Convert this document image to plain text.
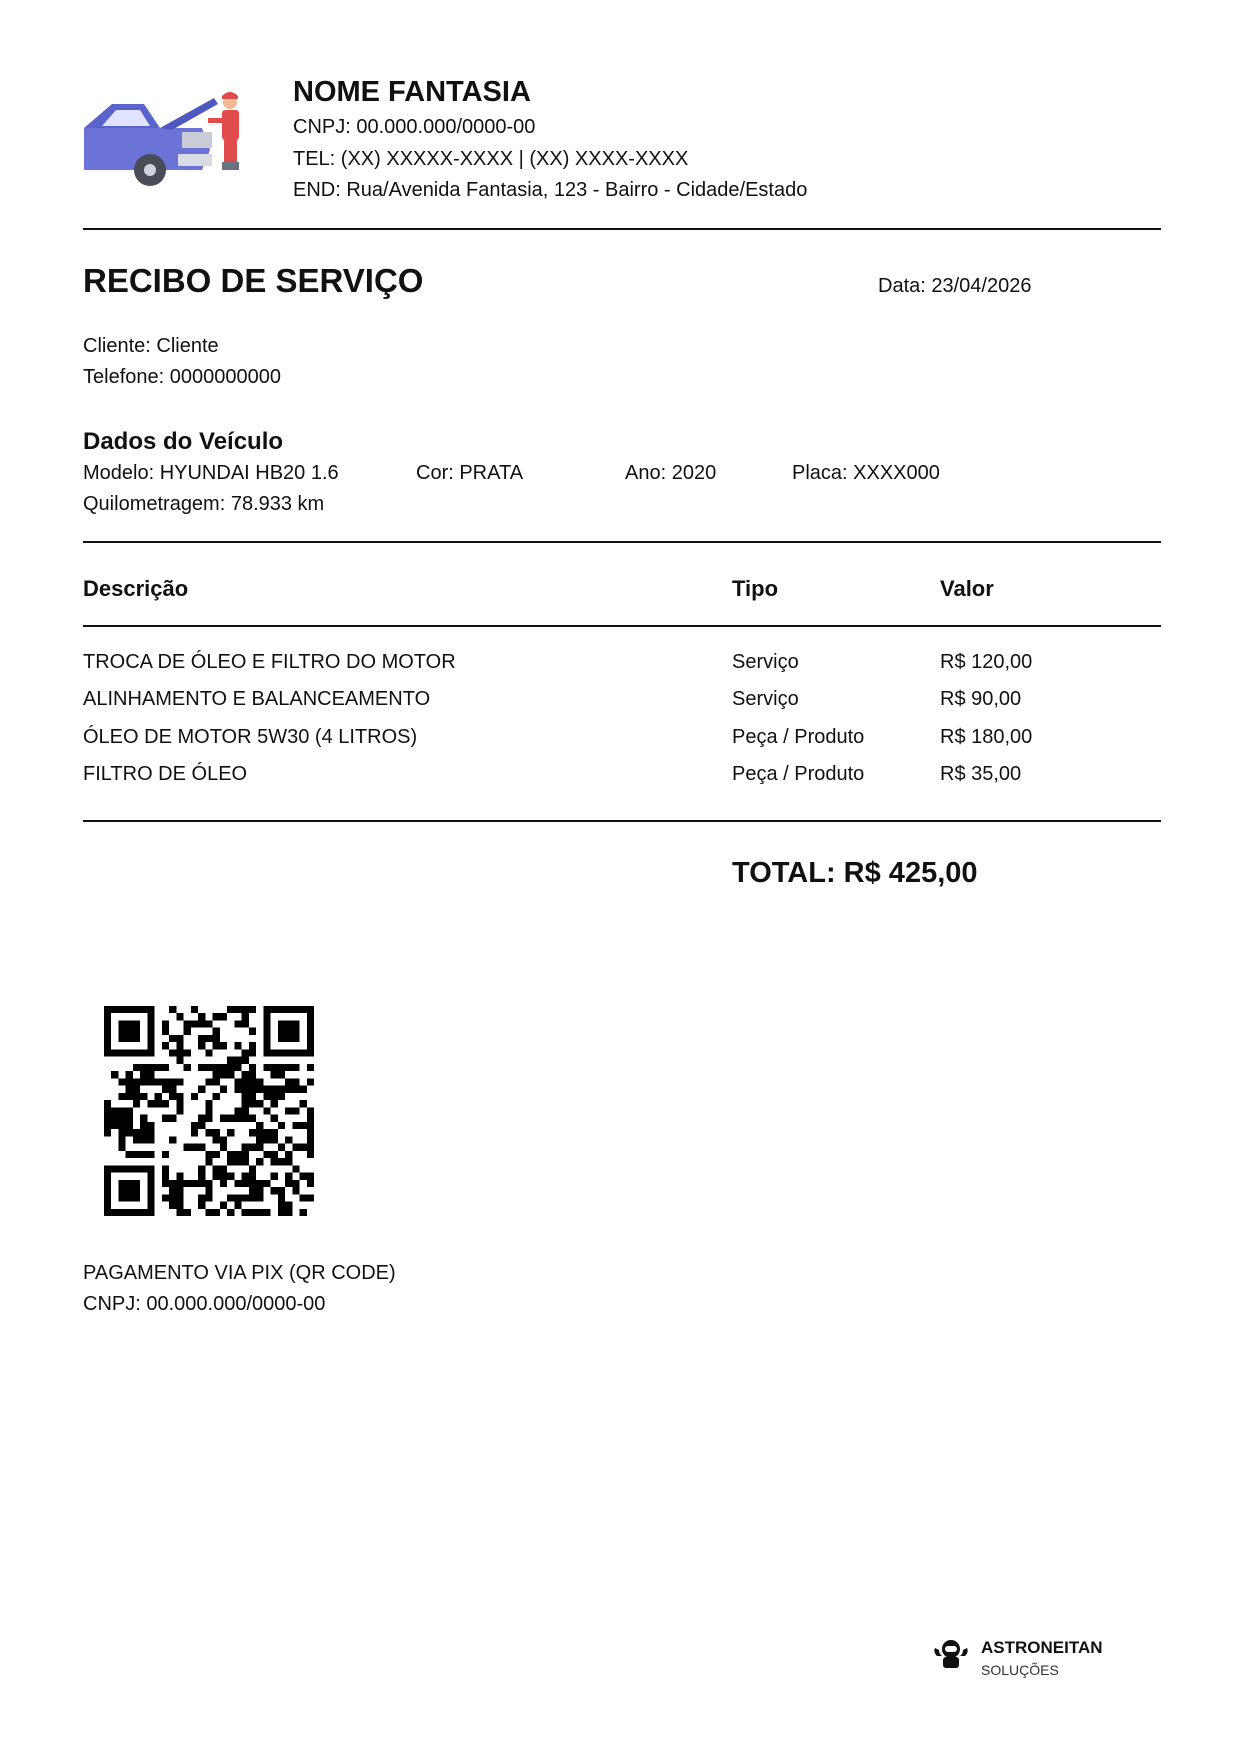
NOME FANTASIA
CNPJ: 00.000.000/0000-00
TEL: (XX) XXXXX-XXXX | (XX) XXXX-XXXX
END: Rua/Avenida Fantasia, 123 - Bairro - Cidade/Estado
RECIBO DE SERVIÇO	Data: 23/04/2026
Cliente: Cliente
Telefone: 0000000000
Dados do Veículo
Modelo: HYUNDAI HB20 1.6	Cor: PRATA	Ano: 2020	Placa: XXXX000
Quilometragem: 78.933 km
Descrição	Tipo	Valor
TROCA DE ÓLEO E FILTRO DO MOTOR	Serviço	R$ 120,00
ALINHAMENTO E BALANCEAMENTO	Serviço	R$ 90,00
ÓLEO DE MOTOR 5W30 (4 LITROS)	Peça / Produto	R$ 180,00
FILTRO DE ÓLEO	Peça / Produto	R$ 35,00
TOTAL: R$ 425,00
PAGAMENTO VIA PIX (QR CODE)
CNPJ: 00.000.000/0000-00
ASTRONEITAN
SOLUÇÕES
